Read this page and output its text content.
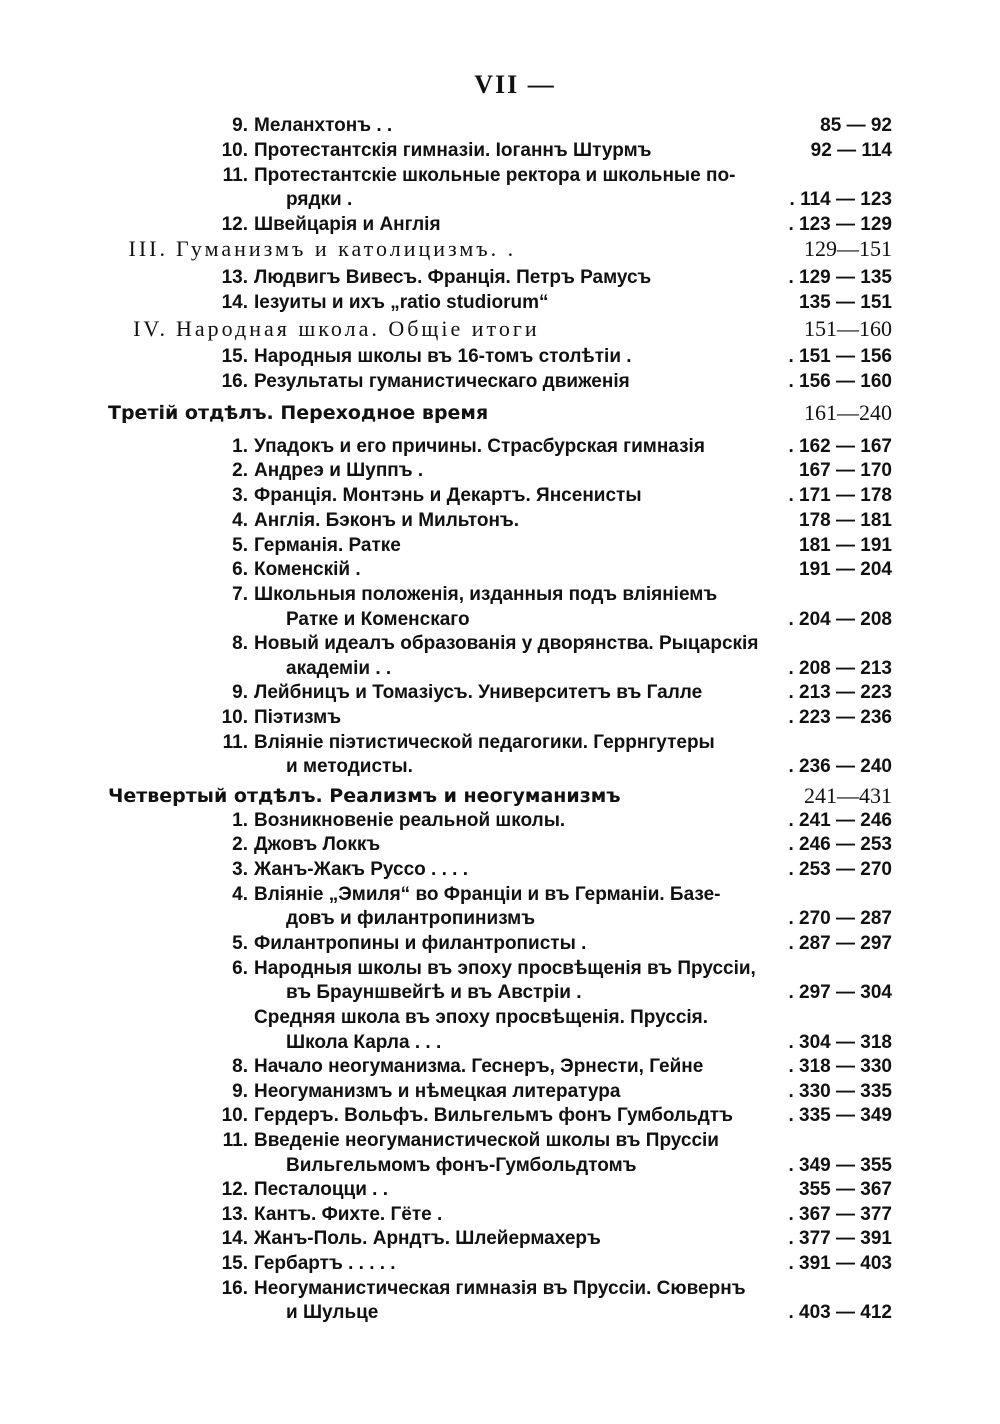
VII —
9. Меланхтонъ . .	85 — 92
10. Протестантскія гимназіи. Іоганнъ Штурмъ	92 — 114
11. Протестантскіе школьные ректора и школьные по-
рядки .	. 114 — 123
12. Швейцарія и Англія	. 123 — 129
III. Гуманизмъ и католицизмъ. .	129—151
13. Людвигъ Вивесъ. Франція. Петръ Рамусъ	. 129 — 135
14. Іезуиты и ихъ „ratio studiorum“	135 — 151
IV. Народная школа. Общіе итоги	151—160
15. Народныя школы въ 16-томъ столѣтіи .	. 151 — 156
16. Результаты гуманистическаго движенія	. 156 — 160
Третій отдѣлъ. Переходное время	161—240
1. Упадокъ и его причины. Страсбурская гимназія	. 162 — 167
2. Андреэ и Шуппъ .	167 — 170
3. Франція. Монтэнь и Декартъ. Янсенисты	. 171 — 178
4. Англія. Бэконъ и Мильтонъ.	178 — 181
5. Германія. Ратке	181 — 191
6. Коменскій .	191 — 204
7. Школьныя положенія, изданныя подъ вліяніемъ
Ратке и Коменскаго	. 204 — 208
8. Новый идеалъ образованія у дворянства. Рыцарскія
академіи . .	. 208 — 213
9. Лейбницъ и Томазіусъ. Университетъ въ Галле	. 213 — 223
10. Піэтизмъ	. 223 — 236
11. Вліяніе піэтистической педагогики. Геррнгутеры
и методисты.	. 236 — 240
Четвертый отдѣлъ. Реализмъ и неогуманизмъ	241—431
1. Возникновеніе реальной школы.	. 241 — 246
2. Джовъ Локкъ	. 246 — 253
3. Жанъ-Жакъ Руссо . . . .	. 253 — 270
4. Вліяніе „Эмиля“ во Франціи и въ Германіи. Базе-
довъ и филантропинизмъ	. 270 — 287
5. Филантропины и филантрописты .	. 287 — 297
6. Народныя школы въ эпоху просвѣщенія въ Пруссіи,
въ Брауншвейгѣ и въ Австріи .	. 297 — 304
Средняя школа въ эпоху просвѣщенія. Пруссія.
Школа Карла . . .	. 304 — 318
8. Начало неогуманизма. Геснеръ, Эрнести, Гейне	. 318 — 330
9. Неогуманизмъ и нѣмецкая литература	. 330 — 335
10. Гердеръ. Вольфъ. Вильгельмъ фонъ Гумбольдтъ	. 335 — 349
11. Введеніе неогуманистической школы въ Пруссіи
Вильгельмомъ фонъ-Гумбольдтомъ	. 349 — 355
12. Песталоцци . .	355 — 367
13. Кантъ. Фихте. Гёте .	. 367 — 377
14. Жанъ-Поль. Арндтъ. Шлейермахеръ	. 377 — 391
15. Гербартъ . . . . .	. 391 — 403
16. Неогуманистическая гимназія въ Пруссіи. Сювернъ
и Шульце	. 403 — 412
